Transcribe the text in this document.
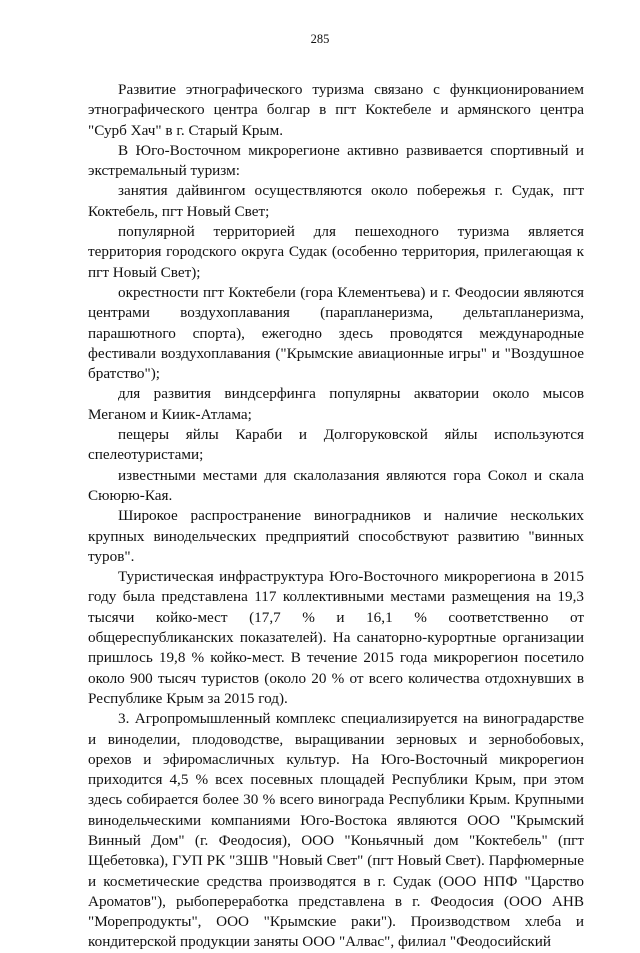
285

Развитие этнографического туризма связано с функционированием этнографического центра болгар в пгт Коктебеле и армянского центра "Сурб Хач" в г. Старый Крым.

В Юго-Восточном микрорегионе активно развивается спортивный и экстремальный туризм:

занятия дайвингом осуществляются около побережья г. Судак, пгт Коктебель, пгт Новый Свет;

популярной территорией для пешеходного туризма является территория городского округа Судак (особенно территория, прилегающая к пгт Новый Свет);

окрестности пгт Коктебели (гора Клементьева) и г. Феодосии являются центрами воздухоплавания (парапланеризма, дельтапланеризма, парашютного спорта), ежегодно здесь проводятся международные фестивали воздухоплавания ("Крымские авиационные игры" и "Воздушное братство");

для развития виндсерфинга популярны акватории около мысов Меганом и Киик-Атлама;

пещеры яйлы Караби и Долгоруковской яйлы используются спелеотуристами;

известными местами для скалолазания являются гора Сокол и скала Сююрю-Кая.

Широкое распространение виноградников и наличие нескольких крупных винодельческих предприятий способствуют развитию "винных туров".

Туристическая инфраструктура Юго-Восточного микрорегиона в 2015 году была представлена 117 коллективными местами размещения на 19,3 тысячи койко-мест (17,7 % и 16,1 % соответственно от общереспубликанских показателей). На санаторно-курортные организации пришлось 19,8 % койко-мест. В течение 2015 года микрорегион посетило около 900 тысяч туристов (около 20 % от всего количества отдохнувших в Республике Крым за 2015 год).

3. Агропромышленный комплекс специализируется на виноградарстве и виноделии, плодоводстве, выращивании зерновых и зернобобовых, орехов и эфиромасличных культур. На Юго-Восточный микрорегион приходится 4,5 % всех посевных площадей Республики Крым, при этом здесь собирается более 30 % всего винограда Республики Крым. Крупными винодельческими компаниями Юго-Востока являются ООО "Крымский Винный Дом" (г. Феодосия), ООО "Коньячный дом "Коктебель" (пгт Щебетовка), ГУП РК "ЗШВ "Новый Свет" (пгт Новый Свет). Парфюмерные и косметические средства производятся в г. Судак (ООО НПФ "Царство Ароматов"), рыбопереработка представлена в г. Феодосия (ООО АНВ "Морепродукты", ООО "Крымские раки"). Производством хлеба и кондитерской продукции заняты ООО "Алвас", филиал "Феодосийский
